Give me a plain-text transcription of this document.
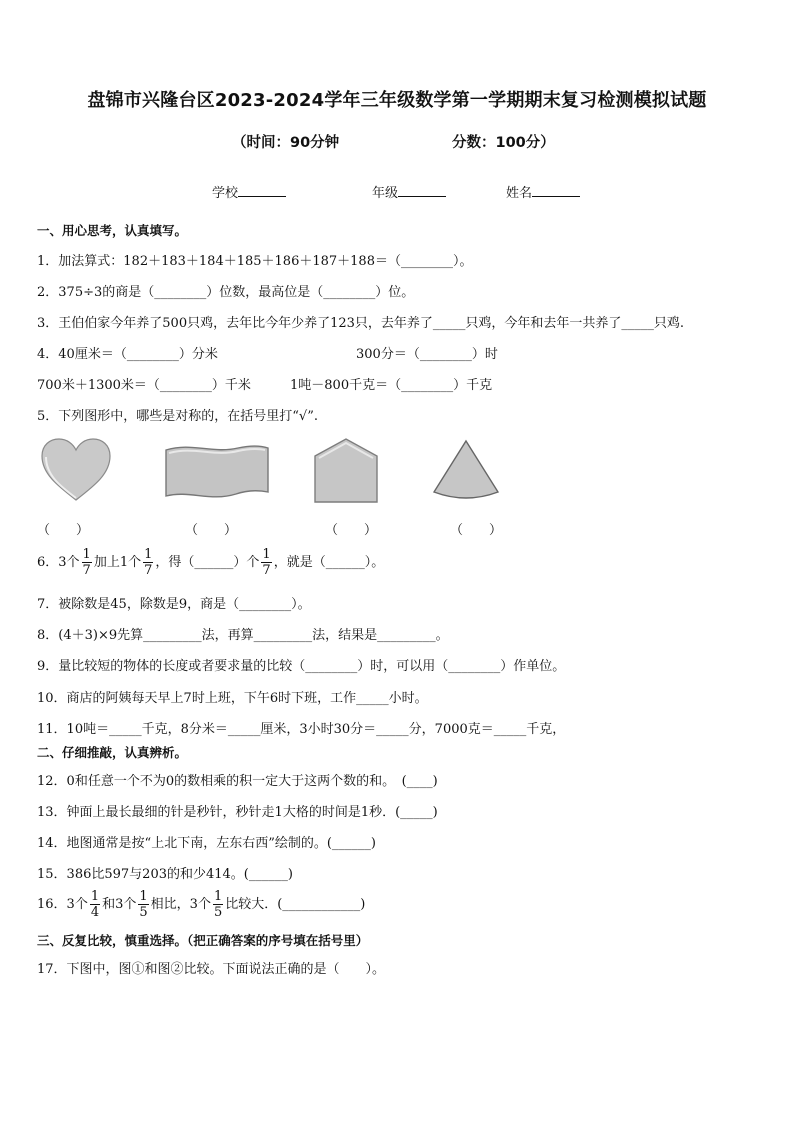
盘锦市兴隆台区2023-2024学年三年级数学第一学期期末复习检测模拟试题
（时间：90分钟	分数：100分）
学校	年级	姓名
一、用心思考，认真填写。
1．加法算式：182＋183＋184＋185＋186＋187＋188＝（________）。
2．375÷3的商是（________）位数，最高位是（________）位。
3．王伯伯家今年养了500只鸡，去年比今年少养了123只，去年养了_____只鸡，今年和去年一共养了_____只鸡.
4．40厘米＝（________）分米	300分＝（________）时
700米＋1300米＝（________）千米	1吨－800千克＝（________）千克
5．下列图形中，哪些是对称的，在括号里打“√”.
（　　）	（　　）	（　　）	（　　）
6．3个 $\frac{1}{7}$ 加上1个 $\frac{1}{7}$ ，得（______）个 $\frac{1}{7}$ ，就是（______）。
7．被除数是45，除数是9，商是（________）。
8．(4＋3)×9先算_________法，再算_________法，结果是_________。
9．量比较短的物体的长度或者要求量的比较（________）时，可以用（________）作单位。
10．商店的阿姨每天早上7时上班，下午6时下班，工作_____小时。
11．10吨＝_____千克，8分米＝_____厘米，3小时30分＝_____分，7000克＝_____千克，
二、仔细推敲，认真辨析。
12．0和任意一个不为0的数相乘的积一定大于这两个数的和。　(____)
13．钟面上最长最细的针是秒针，秒针走1大格的时间是1秒．(_____)
14．地图通常是按“上北下南，左东右西”绘制的。(______)
15．386比597与203的和少414。(______)
16．3个 $\frac{1}{4}$ 和3个 $\frac{1}{5}$ 相比，3个 $\frac{1}{5}$ 比较大．(____________)
三、反复比较，慎重选择。（把正确答案的序号填在括号里）
17．下图中，图①和图②比较。下面说法正确的是（　　）。
